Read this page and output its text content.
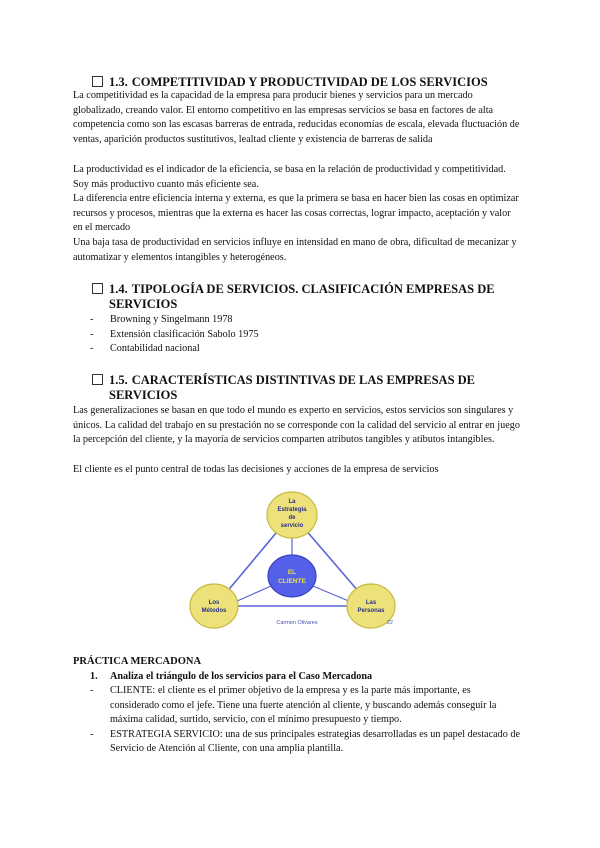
1.3. COMPETITIVIDAD Y PRODUCTIVIDAD DE LOS SERVICIOS
La competitividad es la capacidad de la empresa para producir bienes y servicios para un mercado globalizado, creando valor. El entorno competitivo en las empresas servicios se basa en factores de alta competencia como son las escasas barreras de entrada, reducidas economías de escala, elevada fluctuación de ventas, aparición productos sustitutivos, lealtad cliente y existencia de barreras de salida
La productividad es el indicador de la eficiencia, se basa en la relación de productividad y competitividad. Soy más productivo cuanto más eficiente sea.
La diferencia entre eficiencia interna y externa, es que la primera se basa en hacer bien las cosas en optimizar recursos y procesos, mientras que la externa es hacer las cosas correctas, lograr impacto, aceptación y valor en el mercado
Una baja tasa de productividad en servicios influye en intensidad en mano de obra, dificultad de mecanizar y automatizar y elementos intangibles y heterogéneos.
1.4. TIPOLOGÍA DE SERVICIOS. CLASIFICACIÓN EMPRESAS DE
SERVICIOS
- Browning y Singelmann 1978
- Extensión clasificación Sabolo 1975
- Contabilidad nacional
1.5. CARACTERÍSTICAS DISTINTIVAS DE LAS EMPRESAS DE
SERVICIOS
Las generalizaciones se basan en que todo el mundo es experto en servicios, estos servicios son singulares y únicos. La calidad del trabajo en su prestación no se corresponde con la calidad del servicio al entrar en juego la percepción del cliente, y la mayoría de servicios comparten atributos tangibles y atibutos intangibles.
El cliente es el punto central de todas las decisiones y acciones de la empresa de servicios
La
Estrategia
de
servicio
EL
CLIENTE
Los
Métodos
Las
Personas
Carmen Olivares	22
PRÁCTICA MERCADONA
1. Analiza el triángulo de los servicios para el Caso Mercadona
- CLIENTE: el cliente es el primer objetivo de la empresa y es la parte más importante, es considerado como el jefe. Tiene una fuerte atención al cliente, y buscando además conseguir la máxima calidad, surtido, servicio, con el mínimo presupuesto y tiempo.
- ESTRATEGIA SERVICIO: una de sus principales estrategias desarrolladas es un papel destacado de Servicio de Atención al Cliente, con una amplia plantilla.
